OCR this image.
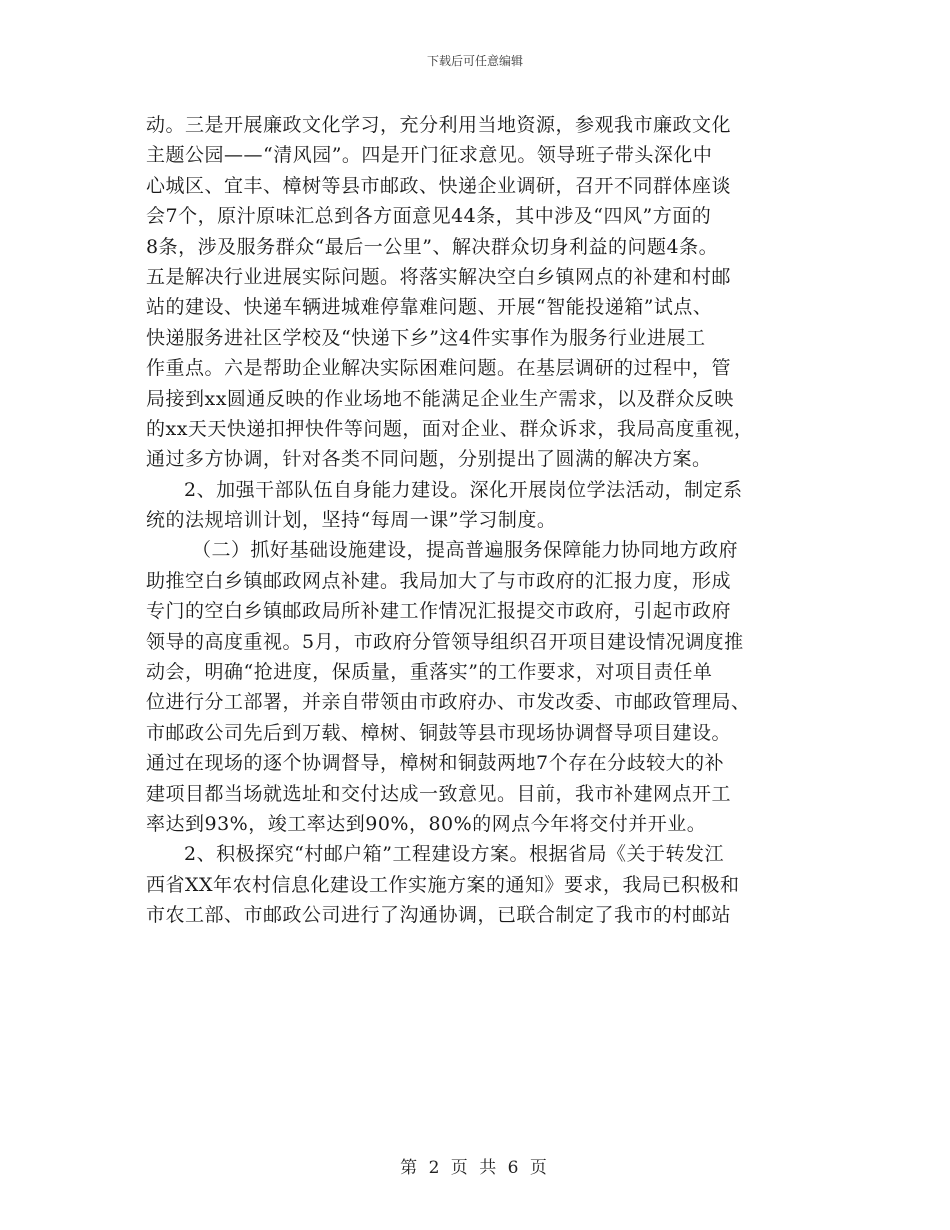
下载后可任意编辑
动。三是开展廉政文化学习，充分利用当地资源，参观我市廉政文化
主题公园——“清风园”。四是开门征求意见。领导班子带头深化中
心城区、宜丰、樟树等县市邮政、快递企业调研，召开不同群体座谈
会7个，原汁原味汇总到各方面意见44条，其中涉及“四风”方面的
8条，涉及服务群众“最后一公里”、解决群众切身利益的问题4条。
五是解决行业进展实际问题。将落实解决空白乡镇网点的补建和村邮
站的建设、快递车辆进城难停靠难问题、开展“智能投递箱”试点、
快递服务进社区学校及“快递下乡”这4件实事作为服务行业进展工
作重点。六是帮助企业解决实际困难问题。在基层调研的过程中，管
局接到xx圆通反映的作业场地不能满足企业生产需求，以及群众反映
的xx天天快递扣押快件等问题，面对企业、群众诉求，我局高度重视，
通过多方协调，针对各类不同问题，分别提出了圆满的解决方案。
2、加强干部队伍自身能力建设。深化开展岗位学法活动，制定系
统的法规培训计划，坚持“每周一课”学习制度。
（二）抓好基础设施建设，提高普遍服务保障能力协同地方政府
助推空白乡镇邮政网点补建。我局加大了与市政府的汇报力度，形成
专门的空白乡镇邮政局所补建工作情况汇报提交市政府，引起市政府
领导的高度重视。5月，市政府分管领导组织召开项目建设情况调度推
动会，明确“抢进度，保质量，重落实”的工作要求，对项目责任单
位进行分工部署，并亲自带领由市政府办、市发改委、市邮政管理局、
市邮政公司先后到万载、樟树、铜鼓等县市现场协调督导项目建设。
通过在现场的逐个协调督导，樟树和铜鼓两地7个存在分歧较大的补
建项目都当场就选址和交付达成一致意见。目前，我市补建网点开工
率达到93%，竣工率达到90%，80%的网点今年将交付并开业。
2、积极探究“村邮户箱”工程建设方案。根据省局《关于转发江
西省XX年农村信息化建设工作实施方案的通知》要求，我局已积极和
市农工部、市邮政公司进行了沟通协调，已联合制定了我市的村邮站
第 2 页 共 6 页
